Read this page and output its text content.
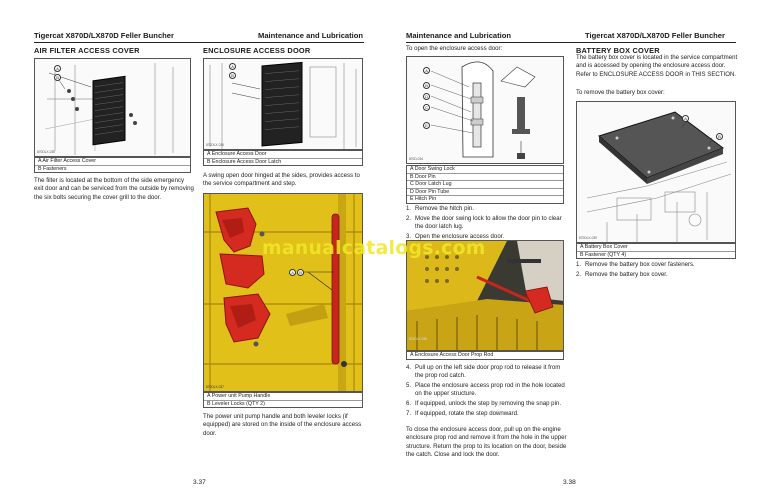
Tigercat X870D/LX870D Feller Buncher	Maintenance and Lubrication
AIR FILTER ACCESS COVER
A
B
870DLX-035
A Air Filter Access Cover
B Fasteners
The filter is located at the bottom of the side emergency exit door and can be serviced from the outside by removing the six bolts securing the cover grill to the door.
ENCLOSURE ACCESS DOOR
A
B
870DLX-036
A Enclosure Access Door
B Enclosure Access Door Latch
A swing open door hinged at the sides, provides access to the service compartment and step.
A	B
870DLX-037
A Power unit Pump Handle
B Leveler Locks (QTY 2)
The power unit pump handle and both leveler locks (if equipped) are stored on the inside of the enclosure access door.
3.37
Maintenance and Lubrication	Tigercat X870D/LX870D Feller Buncher
To open the enclosure access door:
A
B
D
C
E
870D-034
A Door Swing Lock
B Door Pin
C Door Latch Lug
D Door Pin Tube
E Hitch Pin
1. Remove the hitch pin.
2. Move the door swing lock to allow the door pin to clear the door latch lug.
3. Open the enclosure access door.
870DLX-038
A Enclosure Access Door Prop Rod
4. Pull up on the left side door prop rod to release it from the prop rod catch.
5. Place the enclosure access prop rod in the hole located on the upper structure.
6. If equipped, unlock the step by removing the snap pin.
7. If equipped, rotate the step downward.
To close the enclosure access door, pull up on the engine enclosure prop rod and remove it from the hole in the upper structure. Return the prop to its location on the door, beside the catch. Close and lock the door.
3.38
BATTERY BOX COVER
The battery box cover is located in the service compartment and is accessed by opening the enclosure access door. Refer to ENCLOSURE ACCESS DOOR in THIS SECTION.
To remove the battery box cover:
A
B
870DLX-039
A Battery Box Cover
B Fastener (QTY 4)
1. Remove the battery box cover fasteners.
2. Remove the battery box cover.
manualcatalogs.com
